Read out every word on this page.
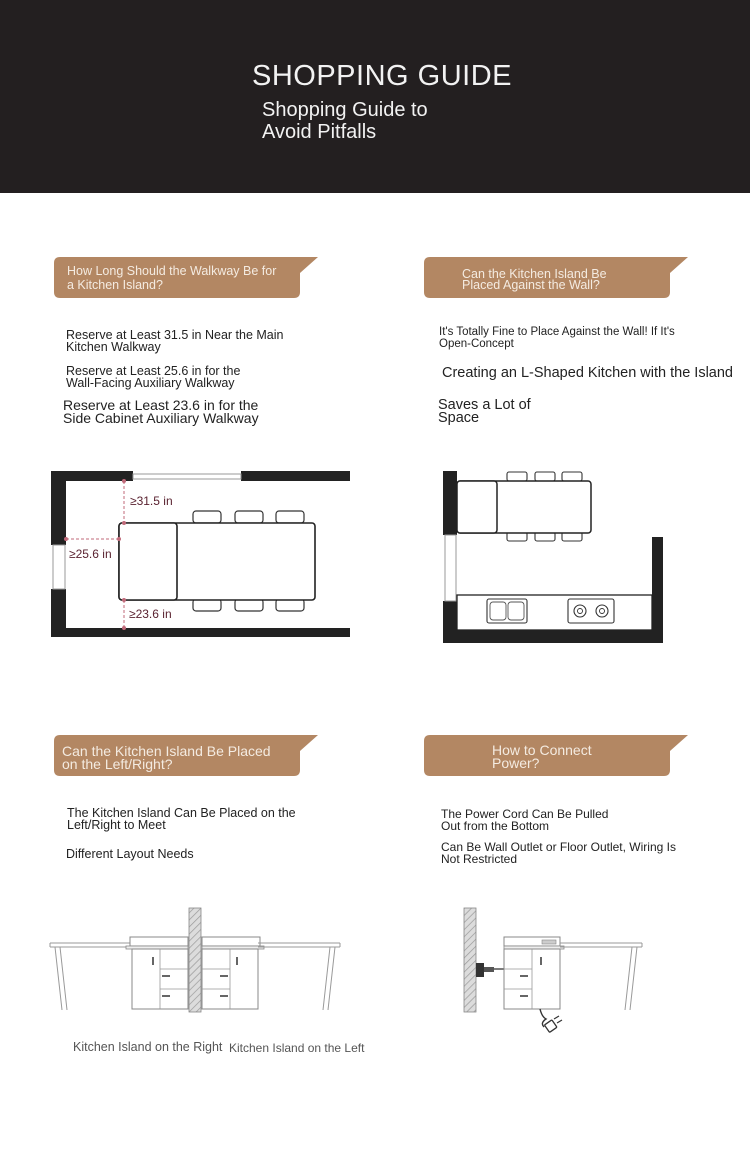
SHOPPING GUIDE
Shopping Guide to
Avoid Pitfalls
How Long Should the Walkway Be for
a Kitchen Island?
Reserve at Least 31.5 in Near the Main
Kitchen Walkway
Reserve at Least 25.6 in for the
Wall-Facing Auxiliary Walkway
Reserve at Least 23.6 in for the
Side Cabinet Auxiliary Walkway
≥31.5 in
≥25.6 in
≥23.6 in
Can the Kitchen Island Be
Placed Against the Wall?
It's Totally Fine to Place Against the Wall! If It's
Open-Concept
Creating an L-Shaped Kitchen with the Island
Saves a Lot of
Space
Can the Kitchen Island Be Placed
on the Left/Right?
The Kitchen Island Can Be Placed on the
Left/Right to Meet
Different Layout Needs
Kitchen Island on the Right Kitchen Island on the Left
How to Connect
Power?
The Power Cord Can Be Pulled
Out from the Bottom
Can Be Wall Outlet or Floor Outlet, Wiring Is
Not Restricted
